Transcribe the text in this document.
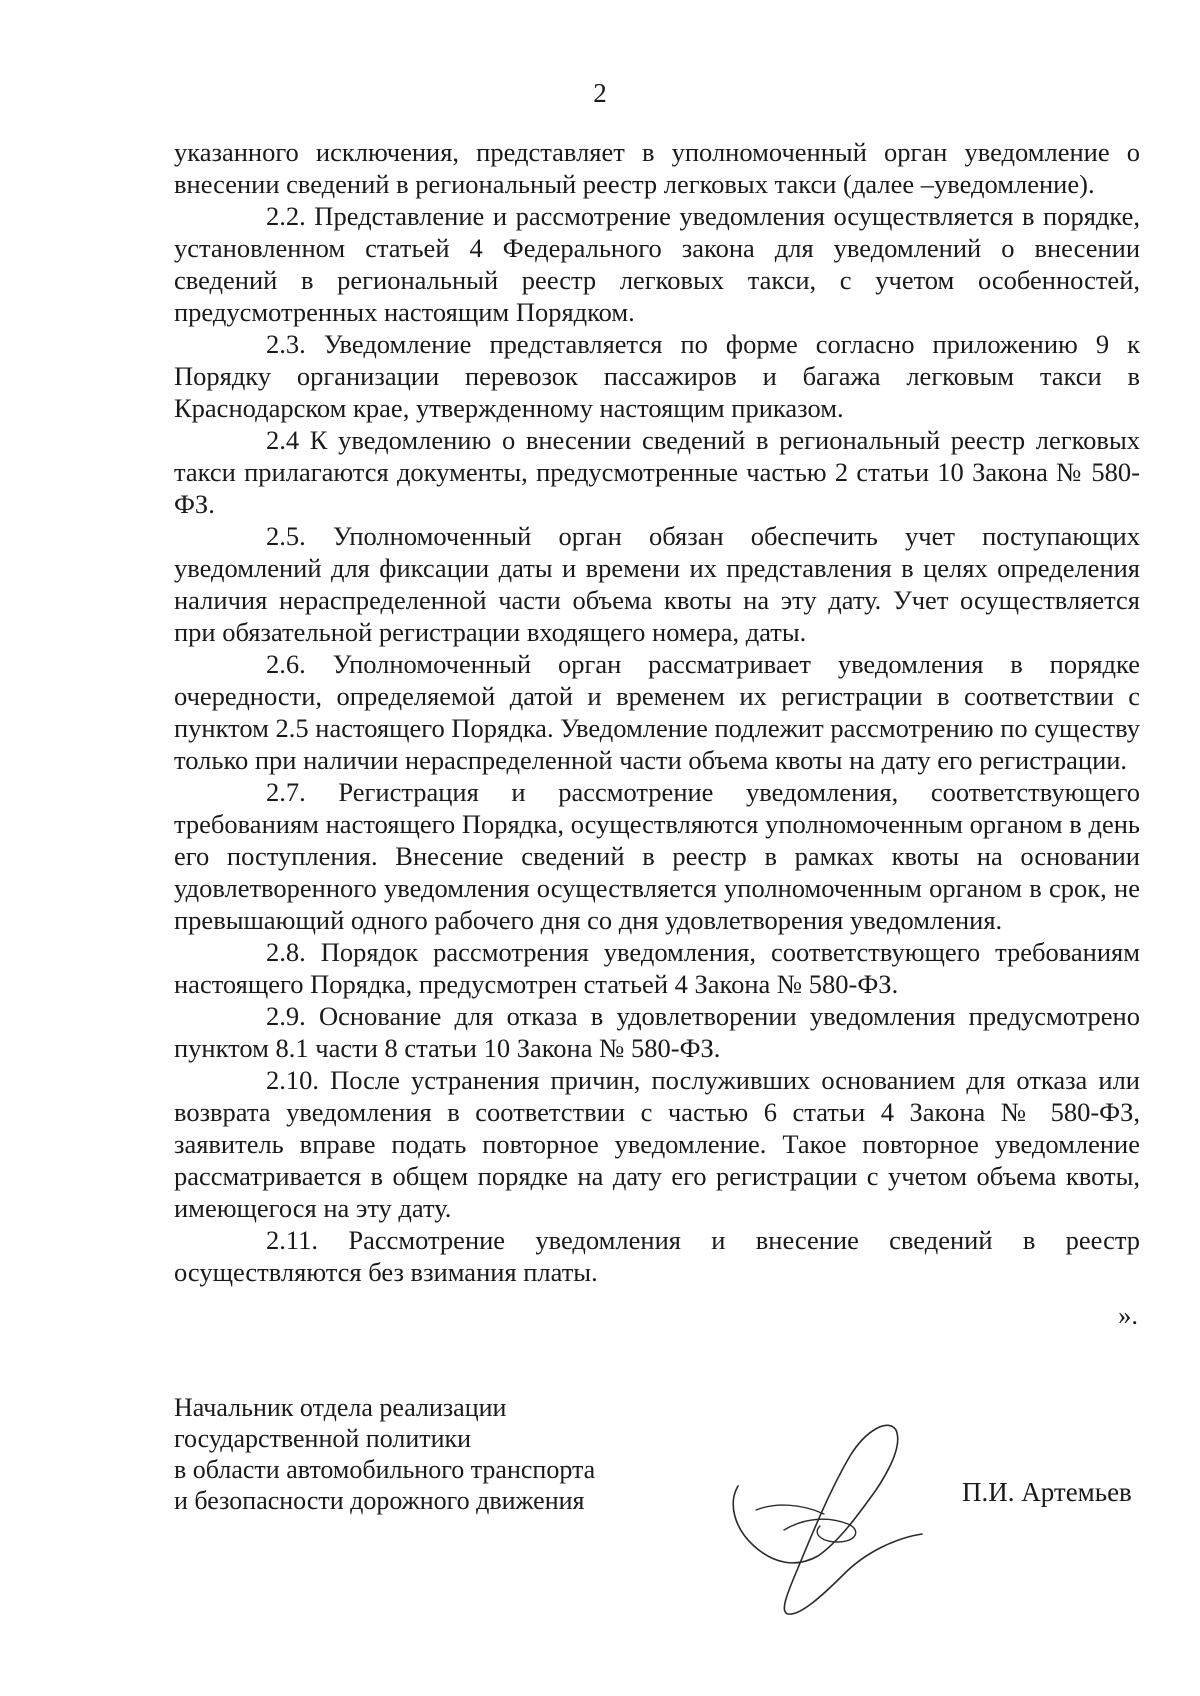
2

указанного исключения, представляет в уполномоченный орган уведомление о внесении сведений в региональный реестр легковых такси (далее –уведомление).

2.2. Представление и рассмотрение уведомления осуществляется в порядке, установленном статьей 4 Федерального закона для уведомлений о внесении сведений в региональный реестр легковых такси, с учетом особенностей, предусмотренных настоящим Порядком.

2.3. Уведомление представляется по форме согласно приложению 9 к Порядку организации перевозок пассажиров и багажа легковым такси в Краснодарском крае, утвержденному настоящим приказом.

2.4 К уведомлению о внесении сведений в региональный реестр легковых такси прилагаются документы, предусмотренные частью 2 статьи 10 Закона № 580-ФЗ.

2.5. Уполномоченный орган обязан обеспечить учет поступающих уведомлений для фиксации даты и времени их представления в целях определения наличия нераспределенной части объема квоты на эту дату. Учет осуществляется при обязательной регистрации входящего номера, даты.

2.6. Уполномоченный орган рассматривает уведомления в порядке очередности, определяемой датой и временем их регистрации в соответствии с пунктом 2.5 настоящего Порядка. Уведомление подлежит рассмотрению по существу только при наличии нераспределенной части объема квоты на дату его регистрации.

2.7. Регистрация и рассмотрение уведомления, соответствующего требованиям настоящего Порядка, осуществляются уполномоченным органом в день его поступления. Внесение сведений в реестр в рамках квоты на основании удовлетворенного уведомления осуществляется уполномоченным органом в срок, не превышающий одного рабочего дня со дня удовлетворения уведомления.

2.8. Порядок рассмотрения уведомления, соответствующего требованиям настоящего Порядка, предусмотрен статьей 4 Закона № 580-ФЗ.

2.9. Основание для отказа в удовлетворении уведомления предусмотрено пунктом 8.1 части 8 статьи 10 Закона № 580-ФЗ.

2.10. После устранения причин, послуживших основанием для отказа или возврата уведомления в соответствии с частью 6 статьи 4 Закона № 580-ФЗ, заявитель вправе подать повторное уведомление. Такое повторное уведомление рассматривается в общем порядке на дату его регистрации с учетом объема квоты, имеющегося на эту дату.

2.11. Рассмотрение уведомления и внесение сведений в реестр осуществляются без взимания платы.

».
Начальник отдела реализации
государственной политики
в области автомобильного транспорта
и безопасности дорожного движения	П.И. Артемьев
